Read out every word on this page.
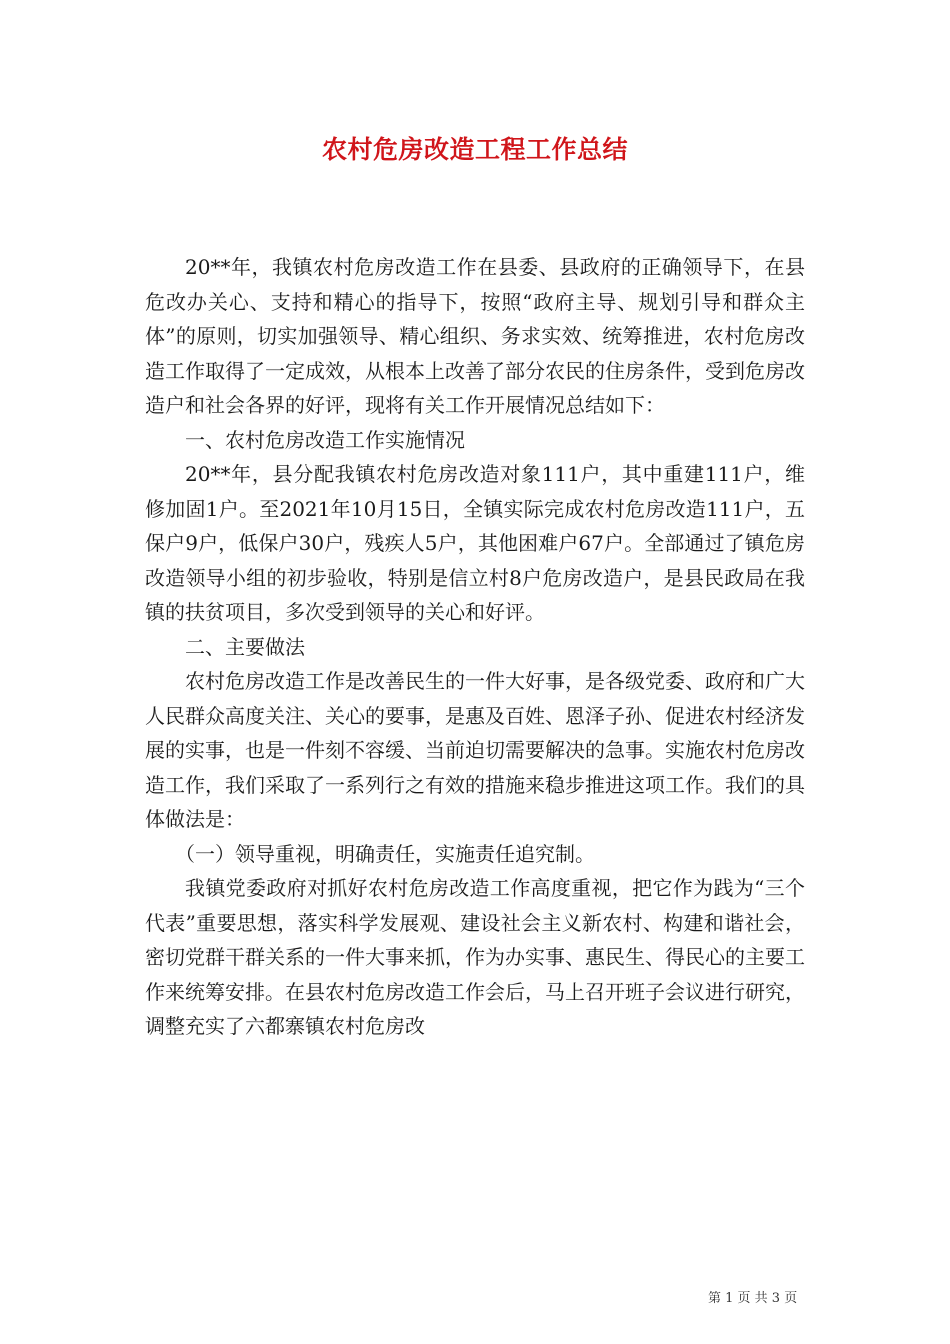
农村危房改造工程工作总结

20**年，我镇农村危房改造工作在县委、县政府的正确领导下，在县危改办关心、支持和精心的指导下，按照“政府主导、规划引导和群众主体”的原则，切实加强领导、精心组织、务求实效、统筹推进，农村危房改造工作取得了一定成效，从根本上改善了部分农民的住房条件，受到危房改造户和社会各界的好评，现将有关工作开展情况总结如下：

一、农村危房改造工作实施情况

20**年，县分配我镇农村危房改造对象111户，其中重建111户，维修加固1户。至2021年10月15日，全镇实际完成农村危房改造111户，五保户9户，低保户30户，残疾人5户，其他困难户67户。全部通过了镇危房改造领导小组的初步验收，特别是信立村8户危房改造户，是县民政局在我镇的扶贫项目，多次受到领导的关心和好评。

二、主要做法

农村危房改造工作是改善民生的一件大好事，是各级党委、政府和广大人民群众高度关注、关心的要事，是惠及百姓、恩泽子孙、促进农村经济发展的实事，也是一件刻不容缓、当前迫切需要解决的急事。实施农村危房改造工作，我们采取了一系列行之有效的措施来稳步推进这项工作。我们的具体做法是：

（一）领导重视，明确责任，实施责任追究制。

我镇党委政府对抓好农村危房改造工作高度重视，把它作为践为“三个代表”重要思想，落实科学发展观、建设社会主义新农村、构建和谐社会，密切党群干群关系的一件大事来抓，作为办实事、惠民生、得民心的主要工作来统筹安排。在县农村危房改造工作会后，马上召开班子会议进行研究，调整充实了六都寨镇农村危房改

第 1 页 共 3 页
